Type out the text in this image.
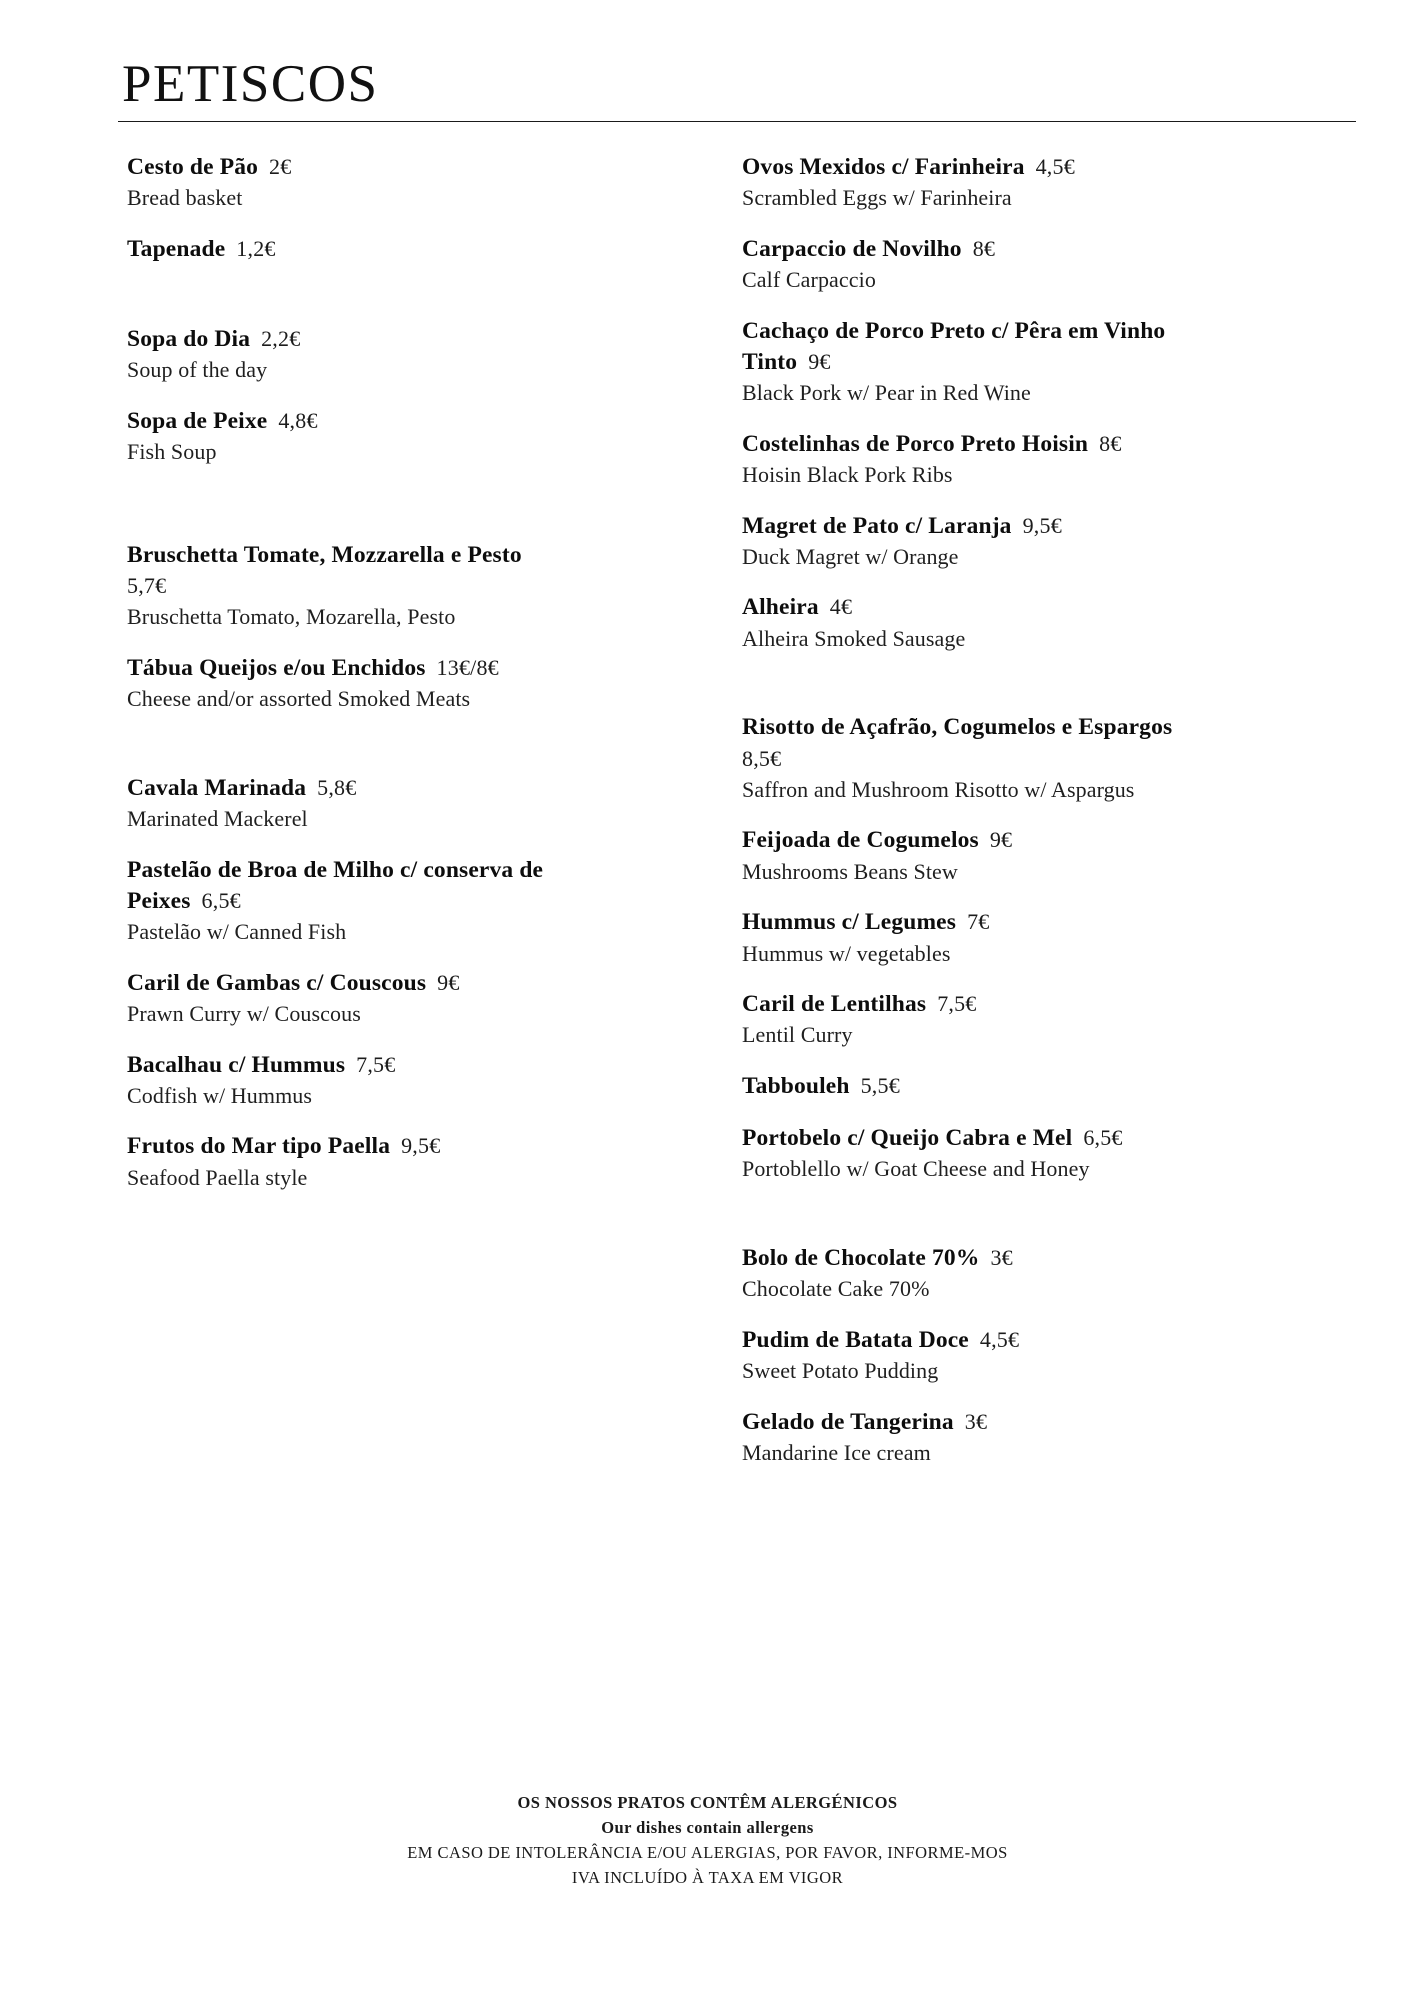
PETISCOS
Cesto de Pão 2€
Bread basket
Tapenade 1,2€
Sopa do Dia 2,2€
Soup of the day
Sopa de Peixe 4,8€
Fish Soup
Bruschetta Tomate, Mozzarella e Pesto
5,7€
Bruschetta Tomato, Mozarella, Pesto
Tábua Queijos e/ou Enchidos 13€/8€
Cheese and/or assorted Smoked Meats
Cavala Marinada 5,8€
Marinated Mackerel
Pastelão de Broa de Milho c/ conserva de Peixes 6,5€
Pastelão w/ Canned Fish
Caril de Gambas c/ Couscous 9€
Prawn Curry w/ Couscous
Bacalhau c/ Hummus 7,5€
Codfish w/ Hummus
Frutos do Mar tipo Paella 9,5€
Seafood Paella style
Ovos Mexidos c/ Farinheira 4,5€
Scrambled Eggs w/ Farinheira
Carpaccio de Novilho 8€
Calf Carpaccio
Cachaço de Porco Preto c/ Pêra em Vinho Tinto 9€
Black Pork w/ Pear in Red Wine
Costelinhas de Porco Preto Hoisin 8€
Hoisin Black Pork Ribs
Magret de Pato c/ Laranja 9,5€
Duck Magret w/ Orange
Alheira 4€
Alheira Smoked Sausage
Risotto de Açafrão, Cogumelos e Espargos8,5€
Saffron and Mushroom Risotto w/ Aspargus
Feijoada de Cogumelos 9€
Mushrooms Beans Stew
Hummus c/ Legumes 7€
Hummus w/ vegetables
Caril de Lentilhas 7,5€
Lentil Curry
Tabbouleh 5,5€
Portobelo c/ Queijo Cabra e Mel 6,5€
Portoblello w/ Goat Cheese and Honey
Bolo de Chocolate 70% 3€
Chocolate Cake 70%
Pudim de Batata Doce 4,5€
Sweet Potato Pudding
Gelado de Tangerina 3€
Mandarine Ice cream
OS NOSSOS PRATOS CONTÊM ALERGÉNICOS
Our dishes contain allergens
EM CASO DE INTOLERÂNCIA E/OU ALERGIAS, POR FAVOR, INFORME-MOS
IVA INCLUÍDO À TAXA EM VIGOR
